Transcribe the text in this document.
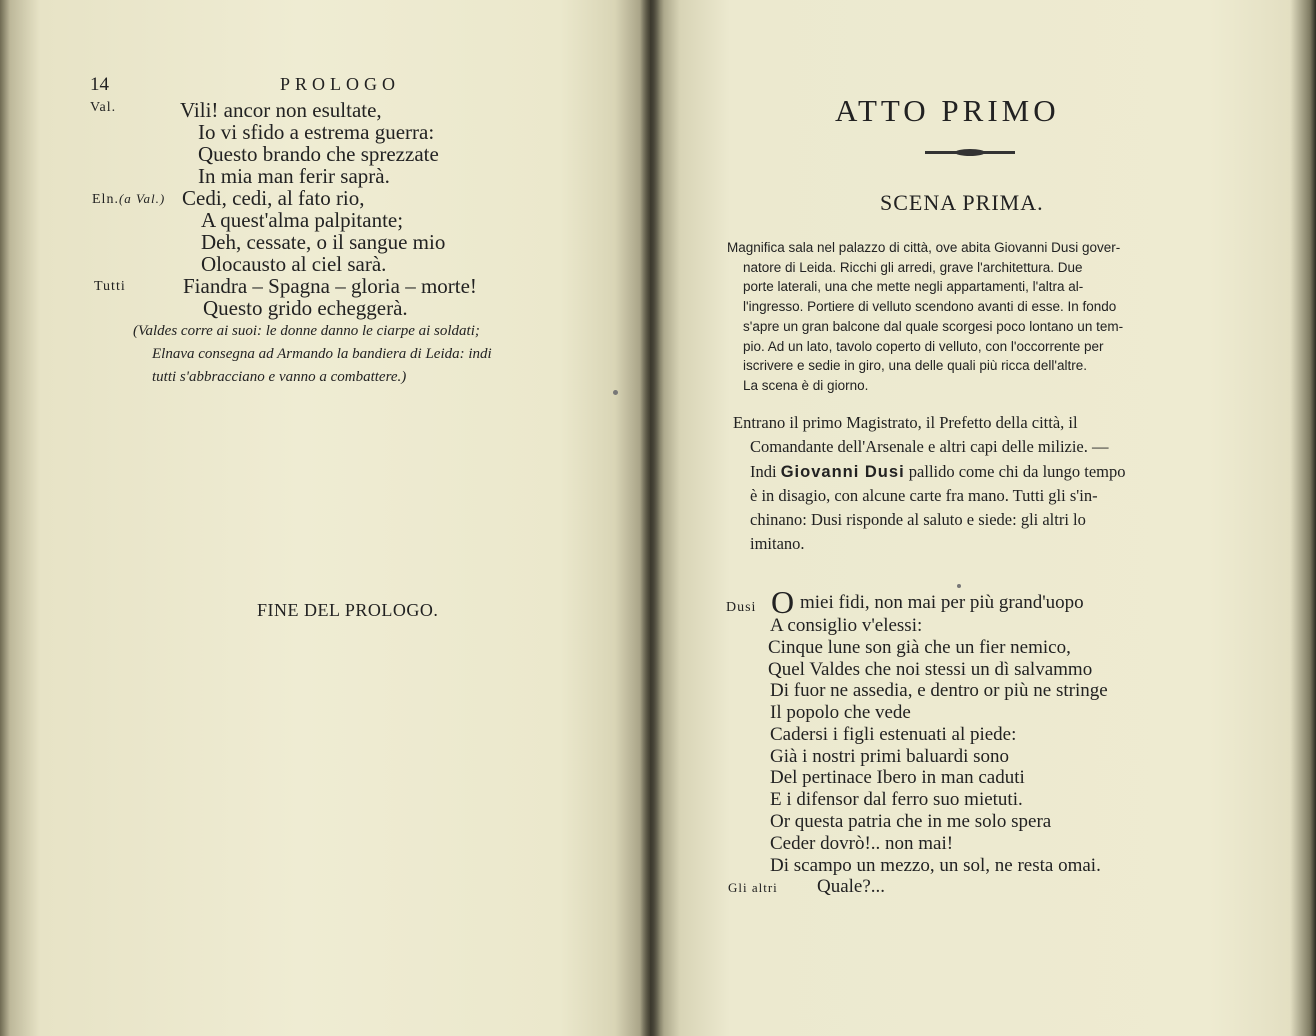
14	PROLOGO
Val.	Vili! ancor non esultate,
Io vi sfido a estrema guerra:
Questo brando che sprezzate
In mia man ferir saprà.
Eln.(a Val.) Cedi, cedi, al fato rio,
A quest'alma palpitante;
Deh, cessate, o il sangue mio
Olocausto al ciel sarà.
Tutti	Fiandra – Spagna – gloria – morte!
Questo grido echeggerà.

(Valdes corre ai suoi: le donne danno le ciarpe ai soldati;

Elnava consegna ad Armando la bandiera di Leida: indi

tutti s'abbracciano e vanno a combattere.)

FINE DEL PROLOGO.
ATTO PRIMO
SCENA PRIMA.

Magnifica sala nel palazzo di città, ove abita Giovanni Dusi gover-

natore di Leida. Ricchi gli arredi, grave l'architettura. Due

porte laterali, una che mette negli appartamenti, l'altra al-

l'ingresso. Portiere di velluto scendono avanti di esse. In fondo

s'apre un gran balcone dal quale scorgesi poco lontano un tem-

pio. Ad un lato, tavolo coperto di velluto, con l'occorrente per

iscrivere e sedie in giro, una delle quali più ricca dell'altre.

La scena è di giorno.

Entrano il primo Magistrato, il Prefetto della città, il

Comandante dell'Arsenale e altri capi delle milizie. —

Indi Giovanni Dusi pallido come chi da lungo tempo

è in disagio, con alcune carte fra mano. Tutti gli s'in-

chinano: Dusi risponde al saluto e siede: gli altri lo

imitano.

Dusi O miei fidi, non mai per più grand'uopo
A consiglio v'elessi:
Cinque lune son già che un fier nemico,
Quel Valdes che noi stessi un dì salvammo
Di fuor ne assedia, e dentro or più ne stringe
Il popolo che vede
Cadersi i figli estenuati al piede:
Già i nostri primi baluardi sono
Del pertinace Ibero in man caduti
E i difensor dal ferro suo mietuti.
Or questa patria che in me solo spera
Ceder dovrò!.. non mai!
Di scampo un mezzo, un sol, ne resta omai.
Gli altri Quale?...
